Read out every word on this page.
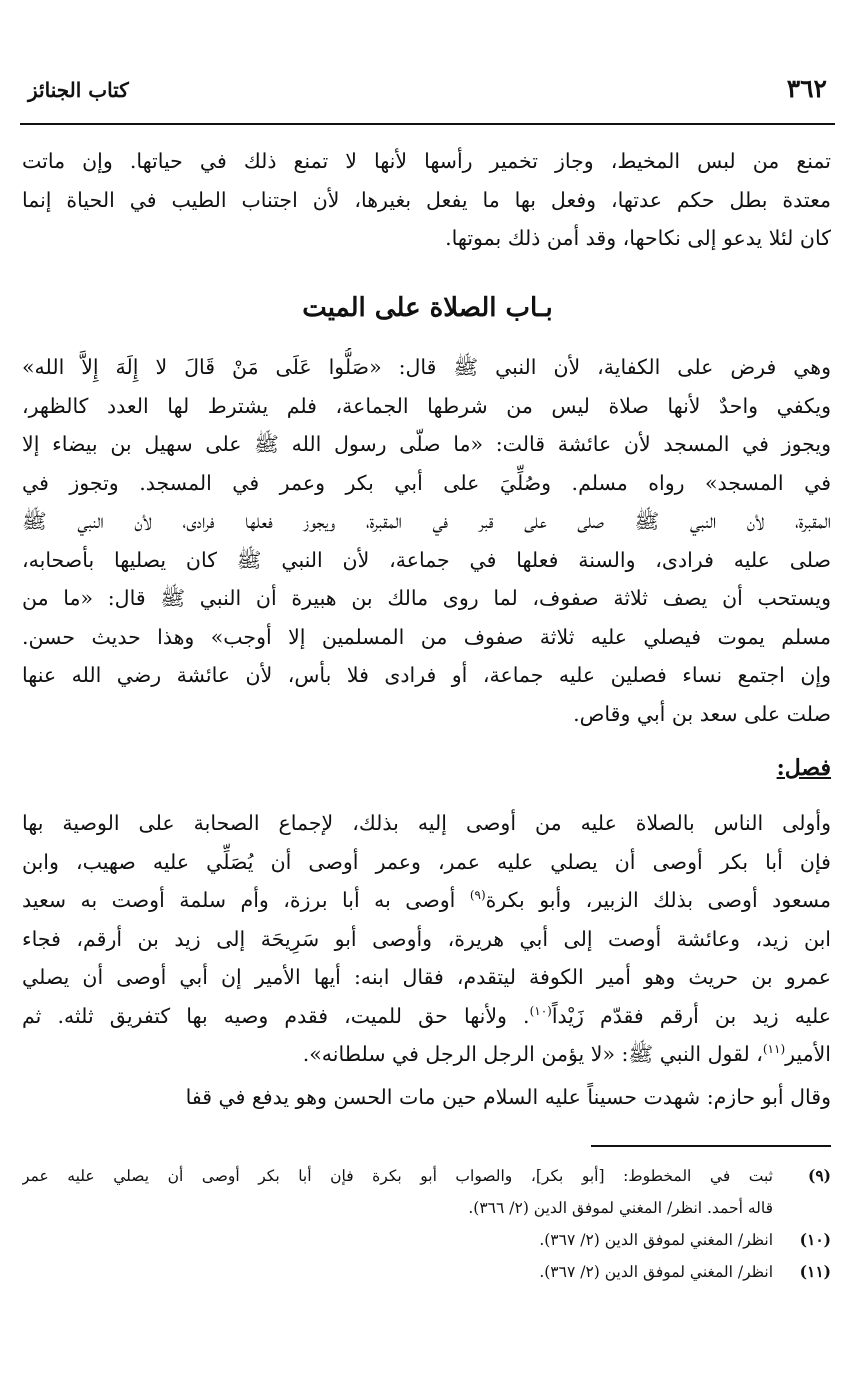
٣٦٢
كتاب الجنائز
تمنع من لبس المخيط، وجاز تخمير رأسها لأنها لا تمنع ذلك في حياتها. وإن ماتت
معتدة بطل حكم عدتها، وفعل بها ما يفعل بغيرها، لأن اجتناب الطيب في الحياة إنما
كان لئلا يدعو إلى نكاحها، وقد أمن ذلك بموتها.
بـاب الصلاة على الميت
وهي فرض على الكفاية، لأن النبي ﷺ قال: «صَلُّوا عَلَى مَنْ قَالَ لا إِلَهَ إِلاَّ الله»
ويكفي واحدٌ لأنها صلاة ليس من شرطها الجماعة، فلم يشترط لها العدد كالظهر،
ويجوز في المسجد لأن عائشة قالت: «ما صلّى رسول الله ﷺ على سهيل بن بيضاء إلا
في المسجد» رواه مسلم. وصُلِّيَ على أبي بكر وعمر في المسجد. وتجوز في
المقبرة، لأن النبي ﷺ صلى على قبر في المقبرة، ويجوز فعلها فرادى، لأن النبي ﷺ
صلى عليه فرادى، والسنة فعلها في جماعة، لأن النبي ﷺ كان يصليها بأصحابه،
ويستحب أن يصف ثلاثة صفوف، لما روى مالك بن هبيرة أن النبي ﷺ قال: «ما من
مسلم يموت فيصلي عليه ثلاثة صفوف من المسلمين إلا أوجب» وهذا حديث حسن.
وإن اجتمع نساء فصلين عليه جماعة، أو فرادى فلا بأس، لأن عائشة رضي الله عنها
صلت على سعد بن أبي وقاص.
فصل:
وأولى الناس بالصلاة عليه من أوصى إليه بذلك، لإجماع الصحابة على الوصية بها
فإن أبا بكر أوصى أن يصلي عليه عمر، وعمر أوصى أن يُصَلِّي عليه صهيب، وابن
مسعود أوصى بذلك الزبير، وأبو بكرة$^{(٩)}$ أوصى به أبا برزة، وأم سلمة أوصت به سعيد
ابن زيد، وعائشة أوصت إلى أبي هريرة، وأوصى أبو سَرِيحَة إلى زيد بن أرقم، فجاء
عمرو بن حريث وهو أمير الكوفة ليتقدم، فقال ابنه: أيها الأمير إن أبي أوصى أن يصلي
عليه زيد بن أرقم فقدّم زَيْداً$^{(١٠)}$. ولأنها حق للميت، فقدم وصيه بها كتفريق ثلثه. ثم
الأمير$^{(١١)}$، لقول النبي ﷺ: «لا يؤمن الرجل الرجل في سلطانه».
وقال أبو حازم: شهدت حسيناً عليه السلام حين مات الحسن وهو يدفع في قفا
(٩)
ثبت في المخطوط: [أبو بكر]، والصواب أبو بكرة فإن أبا بكر أوصى أن يصلي عليه عمر
قاله أحمد. انظر/ المغني لموفق الدين (٢/ ٣٦٦).
(١٠)
انظر/ المغني لموفق الدين (٢/ ٣٦٧).
(١١)
انظر/ المغني لموفق الدين (٢/ ٣٦٧).
